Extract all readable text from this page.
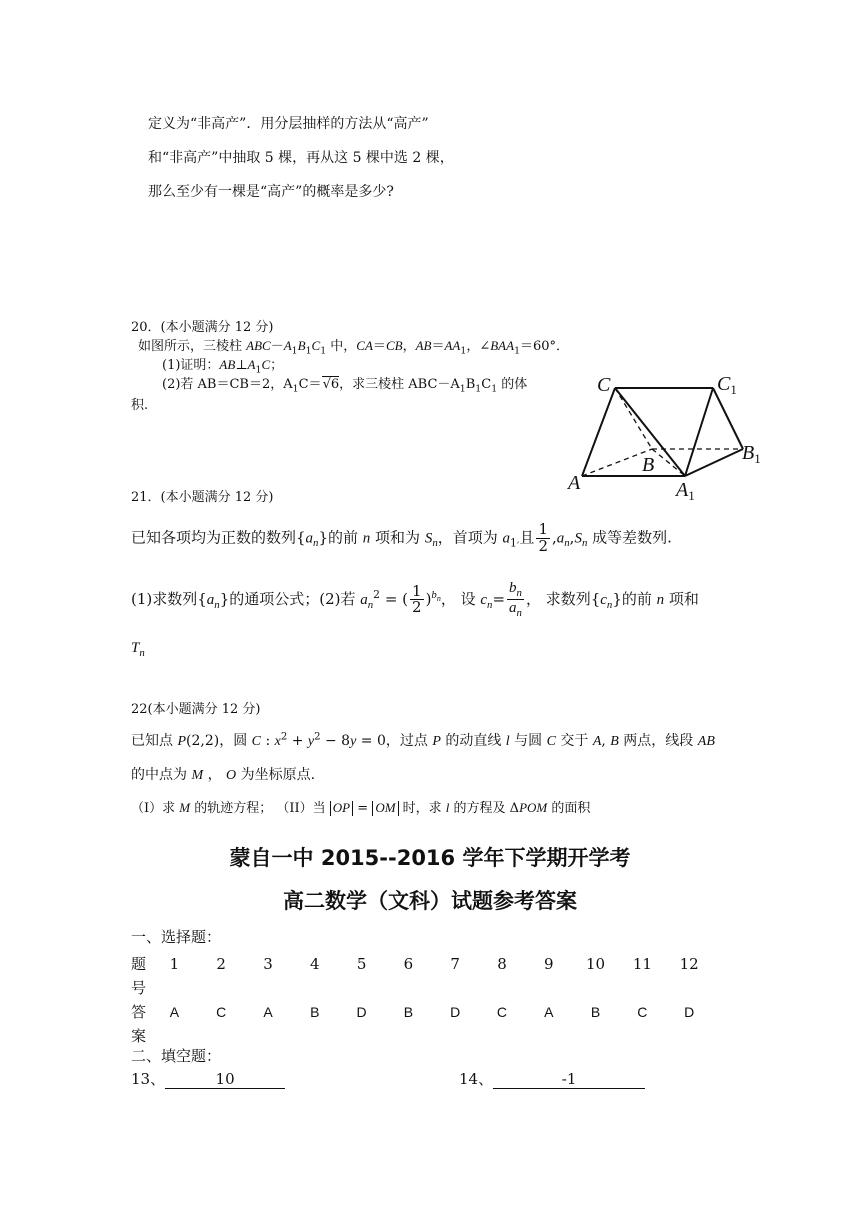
定义为“非高产”．用分层抽样的方法从“高产”
和“非高产”中抽取 5 棵，再从这 5 棵中选 2 棵，
那么至少有一棵是“高产”的概率是多少?
20．(本小题满分 12 分)
如图所示，三棱柱 $ABC-A_1B_1C_1$ 中，CA＝CB，$AB=AA_1$，$\angle BAA_1=60^\circ$．
(1)证明：$AB\perp A_1C$；
(2)若 AB＝CB＝2，$A_1C=√6$，求三棱柱 $ABC-A_1B_1C_1$ 的体
积.
C	$C_1$
B
$B_1$
A	$A_1$
21．(本小题满分 12 分)
已知各项均为正数的数列$\{a_n\}$的前 n 项和为 $S_n$，首项为 $a_1$,且 $\frac{1}{2} ,a_n,S_n$ 成等差数列.
(1)求数列$\{a_n\}$的通项公式；(2)若 $a_n^2$ = ( $\frac{1}{2} )^{b_n}$， 设 $c_n= \frac{b_n}{a_n}$ ， 求数列$\{c_n\}$的前 n 项和
$T_n$
22(本小题满分 12 分)
已知点 P(2,2)，圆 C : $x^2 + y^2 - 8y = 0$，过点 P 的动直线 l 与圆 C 交于 A, B 两点，线段 AB
的中点为 M ， O 为坐标原点.
（I）求 M 的轨迹方程； （II）当 OP = OM 时，求 l 的方程及 ΔPOM 的面积
蒙自一中 2015--2016 学年下学期开学考
高二数学（文科）试题参考答案
一、选择题：
题
号	1	2	3	4	5	6	7	8	9	10	11	12
答
案	A	C	A	B	D	B	D	C	A	B	C	D
二、填空题：
13、	10	14、	-1
